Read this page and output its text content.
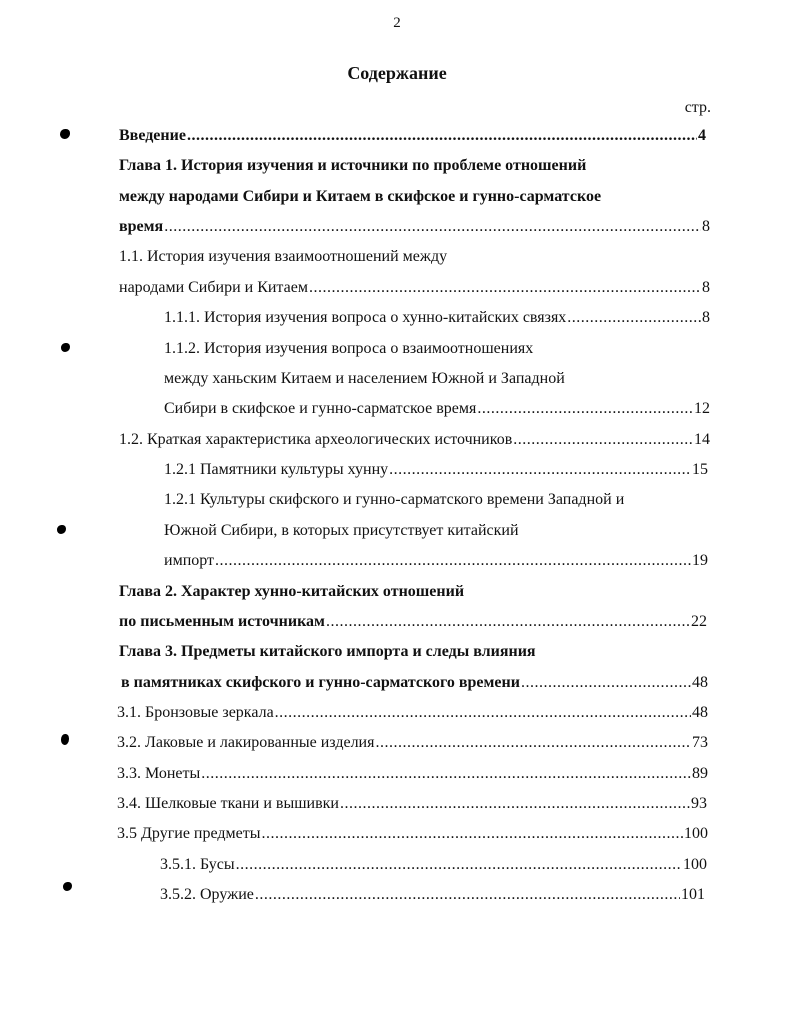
2
Содержание
стр.
Введение .....	4
Глава 1. История изучения и источники по проблеме отношений
между народами Сибири и Китаем в скифское и гунно-сарматское
время .....	8
1.1. История изучения взаимоотношений между
народами Сибири и Китаем .....	8
1.1.1. История изучения вопроса о хунно-китайских связях .....	8
1.1.2. История изучения вопроса о взаимоотношениях
между ханьским Китаем и населением Южной и Западной
Сибири в скифское и гунно-сарматское время .....	12
1.2. Краткая характеристика археологических источников .....	14
1.2.1 Памятники культуры хунну .....	15
1.2.1 Культуры скифского и гунно-сарматского времени Западной и
Южной Сибири, в которых присутствует китайский
импорт .....	19
Глава 2. Характер хунно-китайских отношений
по письменным источникам .....	22
Глава 3. Предметы китайского импорта и следы влияния
в памятниках скифского и гунно-сарматского времени .....	48
3.1. Бронзовые зеркала .....	48
3.2. Лаковые и лакированные изделия .....	73
3.3. Монеты .....	89
3.4. Шелковые ткани и вышивки .....	93
3.5 Другие предметы .....	100
3.5.1. Бусы .....	100
3.5.2. Оружие .....	101
